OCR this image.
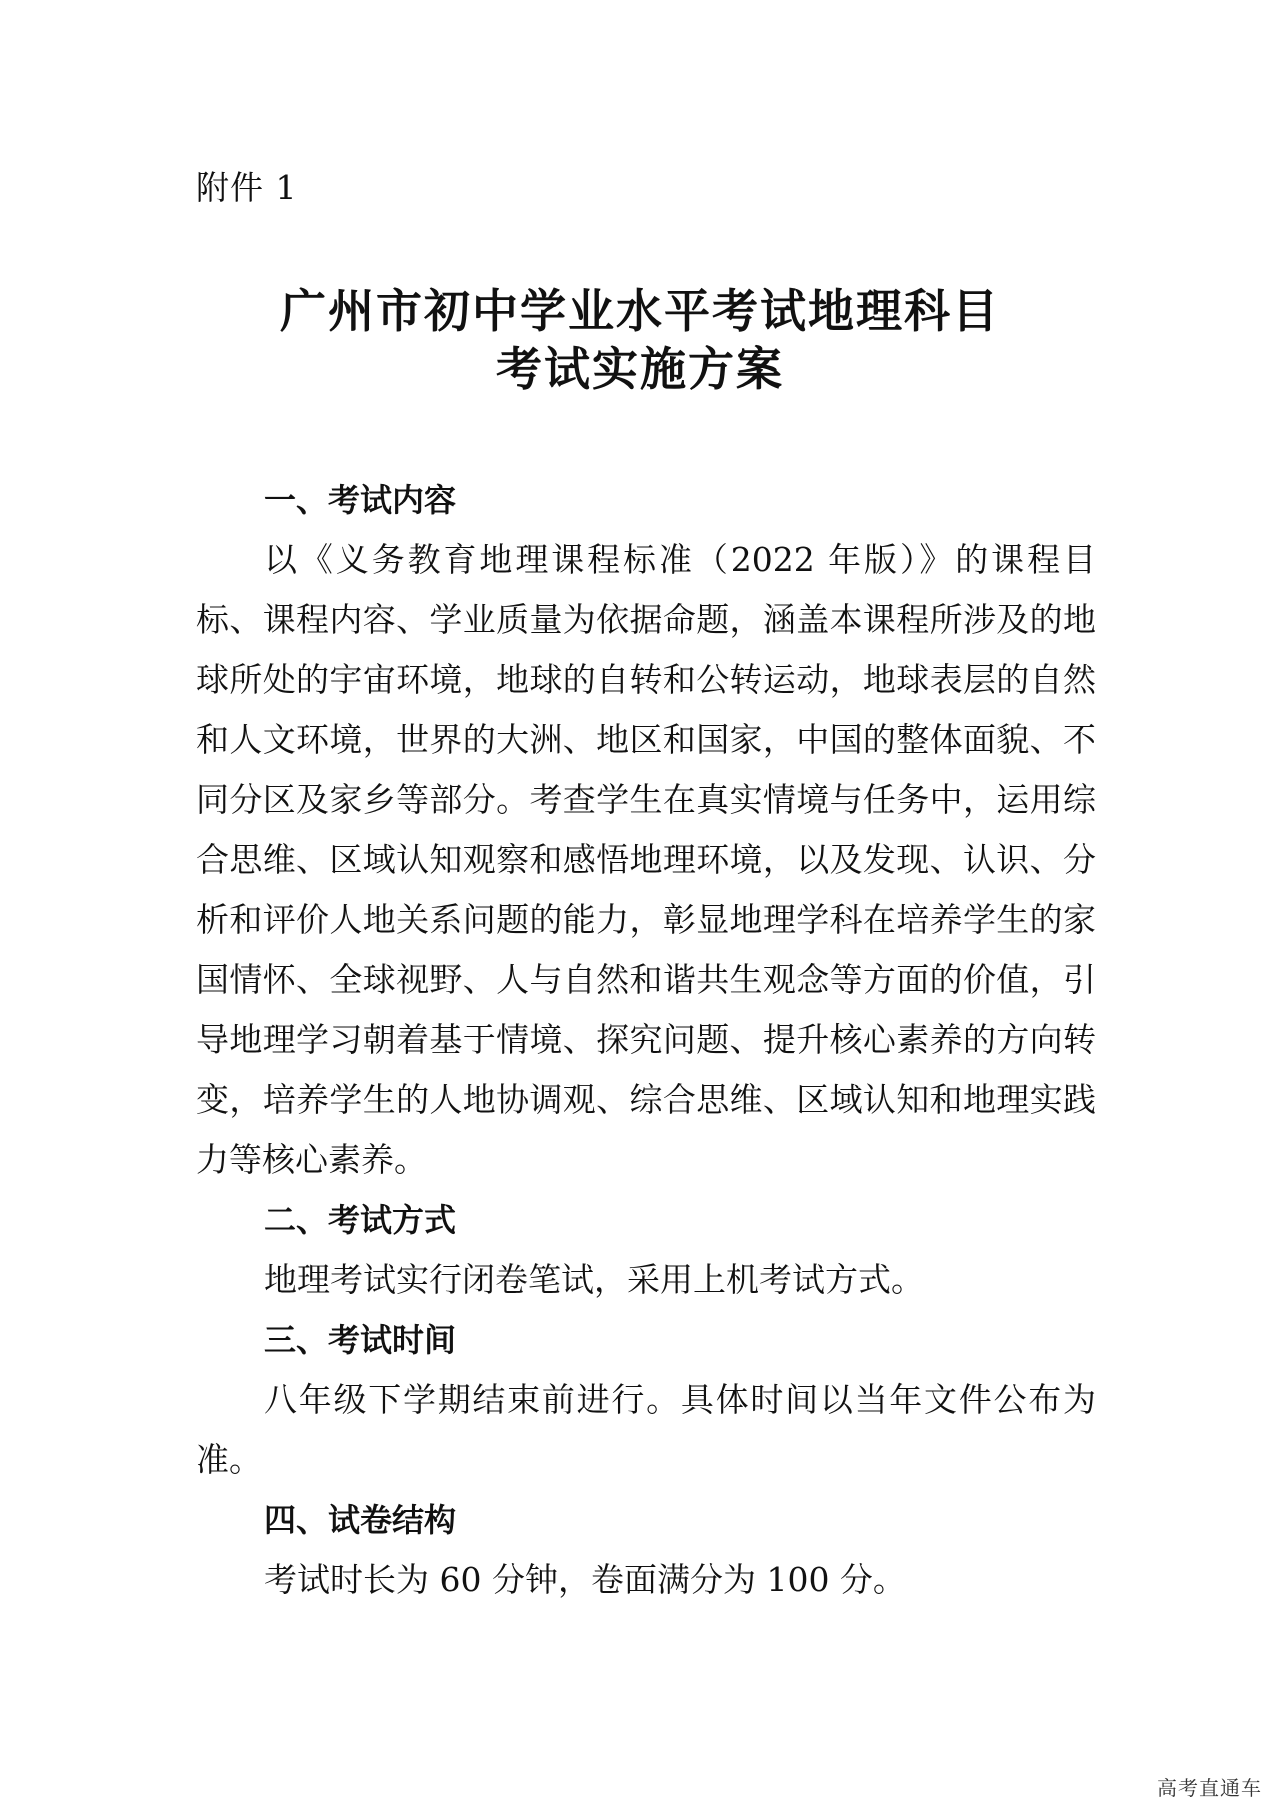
附件 1
广州市初中学业水平考试地理科目
考试实施方案
一、考试内容

以《义务教育地理课程标准（2022 年版）》的课程目标、课程内容、学业质量为依据命题，涵盖本课程所涉及的地球所处的宇宙环境，地球的自转和公转运动，地球表层的自然和人文环境，世界的大洲、地区和国家，中国的整体面貌、不同分区及家乡等部分。考查学生在真实情境与任务中，运用综合思维、区域认知观察和感悟地理环境，以及发现、认识、分析和评价人地关系问题的能力，彰显地理学科在培养学生的家国情怀、全球视野、人与自然和谐共生观念等方面的价值，引导地理学习朝着基于情境、探究问题、提升核心素养的方向转变，培养学生的人地协调观、综合思维、区域认知和地理实践力等核心素养。

二、考试方式

地理考试实行闭卷笔试，采用上机考试方式。

三、考试时间

八年级下学期结束前进行。具体时间以当年文件公布为准。

四、试卷结构

考试时长为 60 分钟，卷面满分为 100 分。

高考直通车
